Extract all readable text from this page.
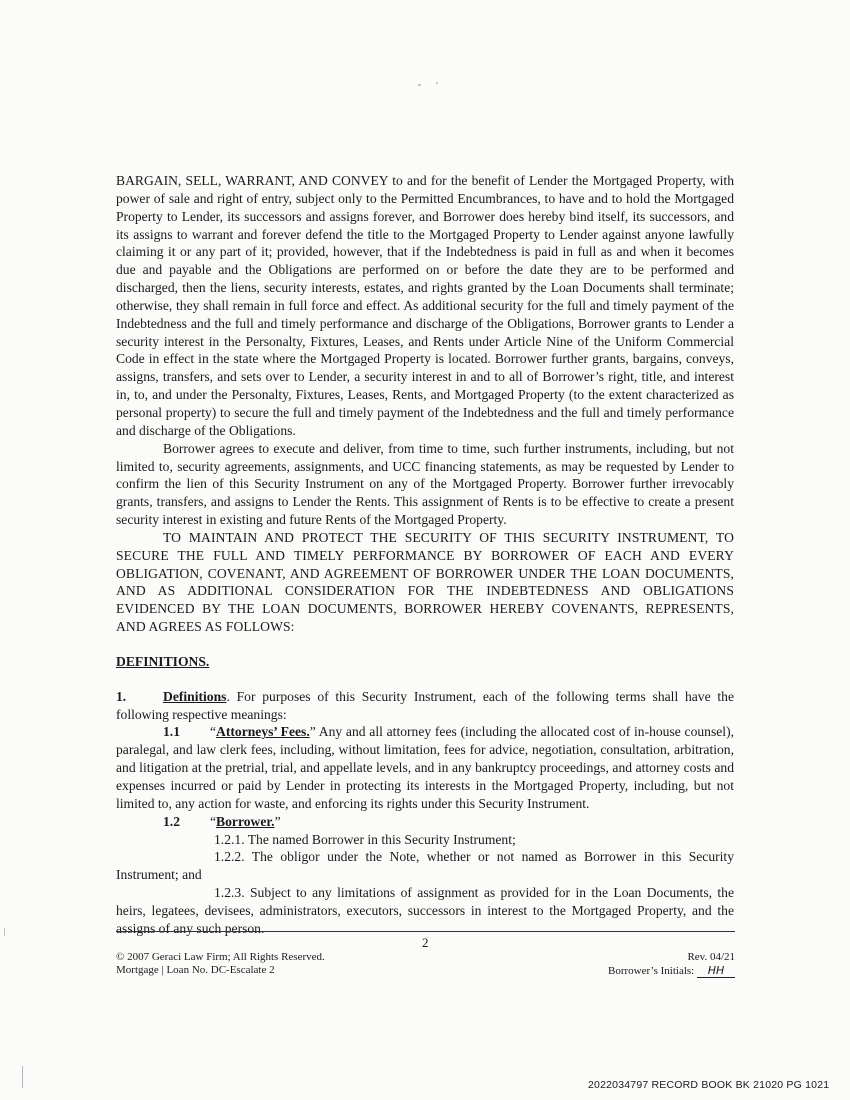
BARGAIN, SELL, WARRANT, AND CONVEY to and for the benefit of Lender the Mortgaged Property, with power of sale and right of entry, subject only to the Permitted Encumbrances, to have and to hold the Mortgaged Property to Lender, its successors and assigns forever, and Borrower does hereby bind itself, its successors, and its assigns to warrant and forever defend the title to the Mortgaged Property to Lender against anyone lawfully claiming it or any part of it; provided, however, that if the Indebtedness is paid in full as and when it becomes due and payable and the Obligations are performed on or before the date they are to be performed and discharged, then the liens, security interests, estates, and rights granted by the Loan Documents shall terminate; otherwise, they shall remain in full force and effect. As additional security for the full and timely payment of the Indebtedness and the full and timely performance and discharge of the Obligations, Borrower grants to Lender a security interest in the Personalty, Fixtures, Leases, and Rents under Article Nine of the Uniform Commercial Code in effect in the state where the Mortgaged Property is located. Borrower further grants, bargains, conveys, assigns, transfers, and sets over to Lender, a security interest in and to all of Borrower’s right, title, and interest in, to, and under the Personalty, Fixtures, Leases, Rents, and Mortgaged Property (to the extent characterized as personal property) to secure the full and timely payment of the Indebtedness and the full and timely performance and discharge of the Obligations.

Borrower agrees to execute and deliver, from time to time, such further instruments, including, but not limited to, security agreements, assignments, and UCC financing statements, as may be requested by Lender to confirm the lien of this Security Instrument on any of the Mortgaged Property. Borrower further irrevocably grants, transfers, and assigns to Lender the Rents. This assignment of Rents is to be effective to create a present security interest in existing and future Rents of the Mortgaged Property.

TO MAINTAIN AND PROTECT THE SECURITY OF THIS SECURITY INSTRUMENT, TO SECURE THE FULL AND TIMELY PERFORMANCE BY BORROWER OF EACH AND EVERY OBLIGATION, COVENANT, AND AGREEMENT OF BORROWER UNDER THE LOAN DOCUMENTS, AND AS ADDITIONAL CONSIDERATION FOR THE INDEBTEDNESS AND OBLIGATIONS EVIDENCED BY THE LOAN DOCUMENTS, BORROWER HEREBY COVENANTS, REPRESENTS, AND AGREES AS FOLLOWS:

DEFINITIONS.

1.	Definitions. For purposes of this Security Instrument, each of the following terms shall have the following respective meanings:

1.1 “Attorneys’ Fees.” Any and all attorney fees (including the allocated cost of in-house counsel), paralegal, and law clerk fees, including, without limitation, fees for advice, negotiation, consultation, arbitration, and litigation at the pretrial, trial, and appellate levels, and in any bankruptcy proceedings, and attorney costs and expenses incurred or paid by Lender in protecting its interests in the Mortgaged Property, including, but not limited to, any action for waste, and enforcing its rights under this Security Instrument.

1.2 “Borrower.”

1.2.1. The named Borrower in this Security Instrument;

1.2.2. The obligor under the Note, whether or not named as Borrower in this Security Instrument; and

1.2.3. Subject to any limitations of assignment as provided for in the Loan Documents, the heirs, legatees, devisees, administrators, executors, successors in interest to the Mortgaged Property, and the assigns of any such person.

2
© 2007 Geraci Law Firm; All Rights Reserved.
Mortgage | Loan No. DC-Escalate 2
Rev. 04/21
Borrower’s Initials: HH
2022034797 RECORD BOOK BK 21020 PG 1021
